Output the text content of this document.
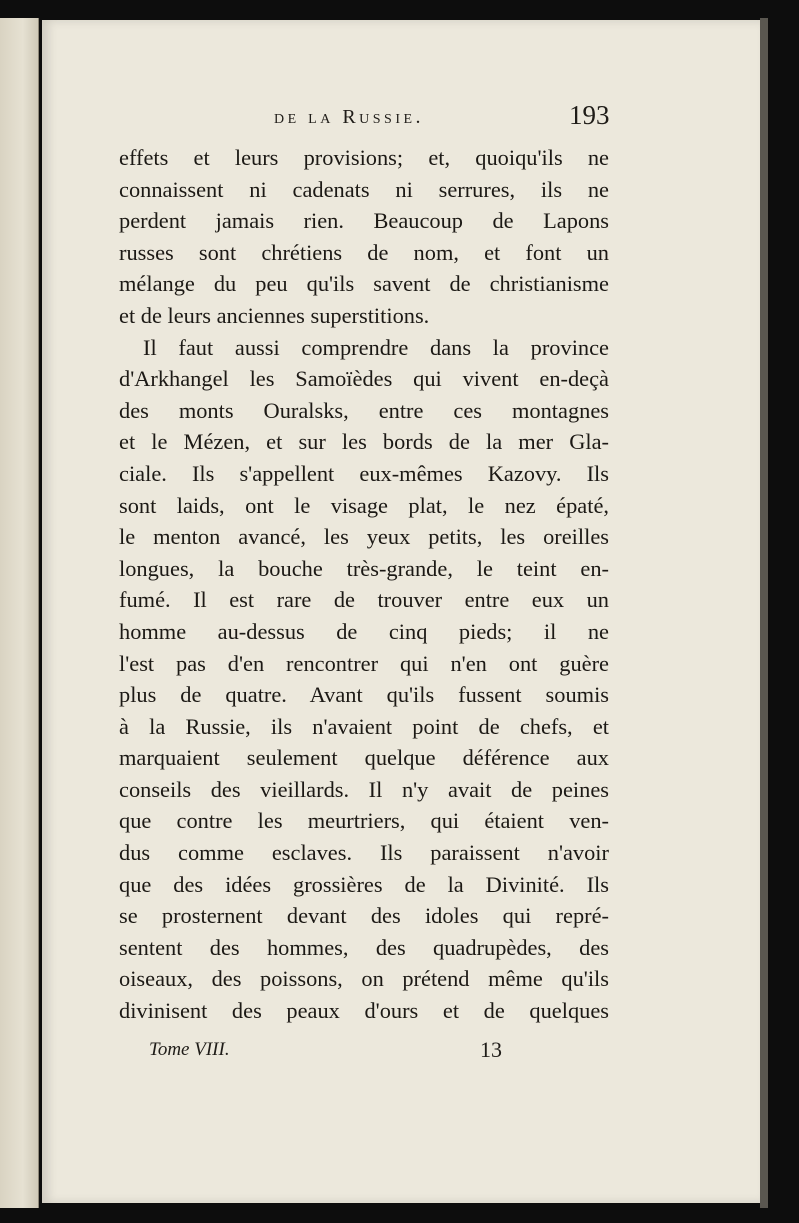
de la Russie.	193
effets et leurs provisions; et, quoiqu'ils ne
connaissent ni cadenats ni serrures, ils ne
perdent jamais rien. Beaucoup de Lapons
russes sont chrétiens de nom, et font un
mélange du peu qu'ils savent de christianisme
et de leurs anciennes superstitions.
Il faut aussi comprendre dans la province
d'Arkhangel les Samoïèdes qui vivent en-deçà
des monts Ouralsks, entre ces montagnes
et le Mézen, et sur les bords de la mer Gla-
ciale. Ils s'appellent eux-mêmes Kazovy. Ils
sont laids, ont le visage plat, le nez épaté,
le menton avancé, les yeux petits, les oreilles
longues, la bouche très-grande, le teint en-
fumé. Il est rare de trouver entre eux un
homme au-dessus de cinq pieds; il ne
l'est pas d'en rencontrer qui n'en ont guère
plus de quatre. Avant qu'ils fussent soumis
à la Russie, ils n'avaient point de chefs, et
marquaient seulement quelque déférence aux
conseils des vieillards. Il n'y avait de peines
que contre les meurtriers, qui étaient ven-
dus comme esclaves. Ils paraissent n'avoir
que des idées grossières de la Divinité. Ils
se prosternent devant des idoles qui repré-
sentent des hommes, des quadrupèdes, des
oiseaux, des poissons, on prétend même qu'ils
divinisent des peaux d'ours et de quelques
Tome VIII.	13
